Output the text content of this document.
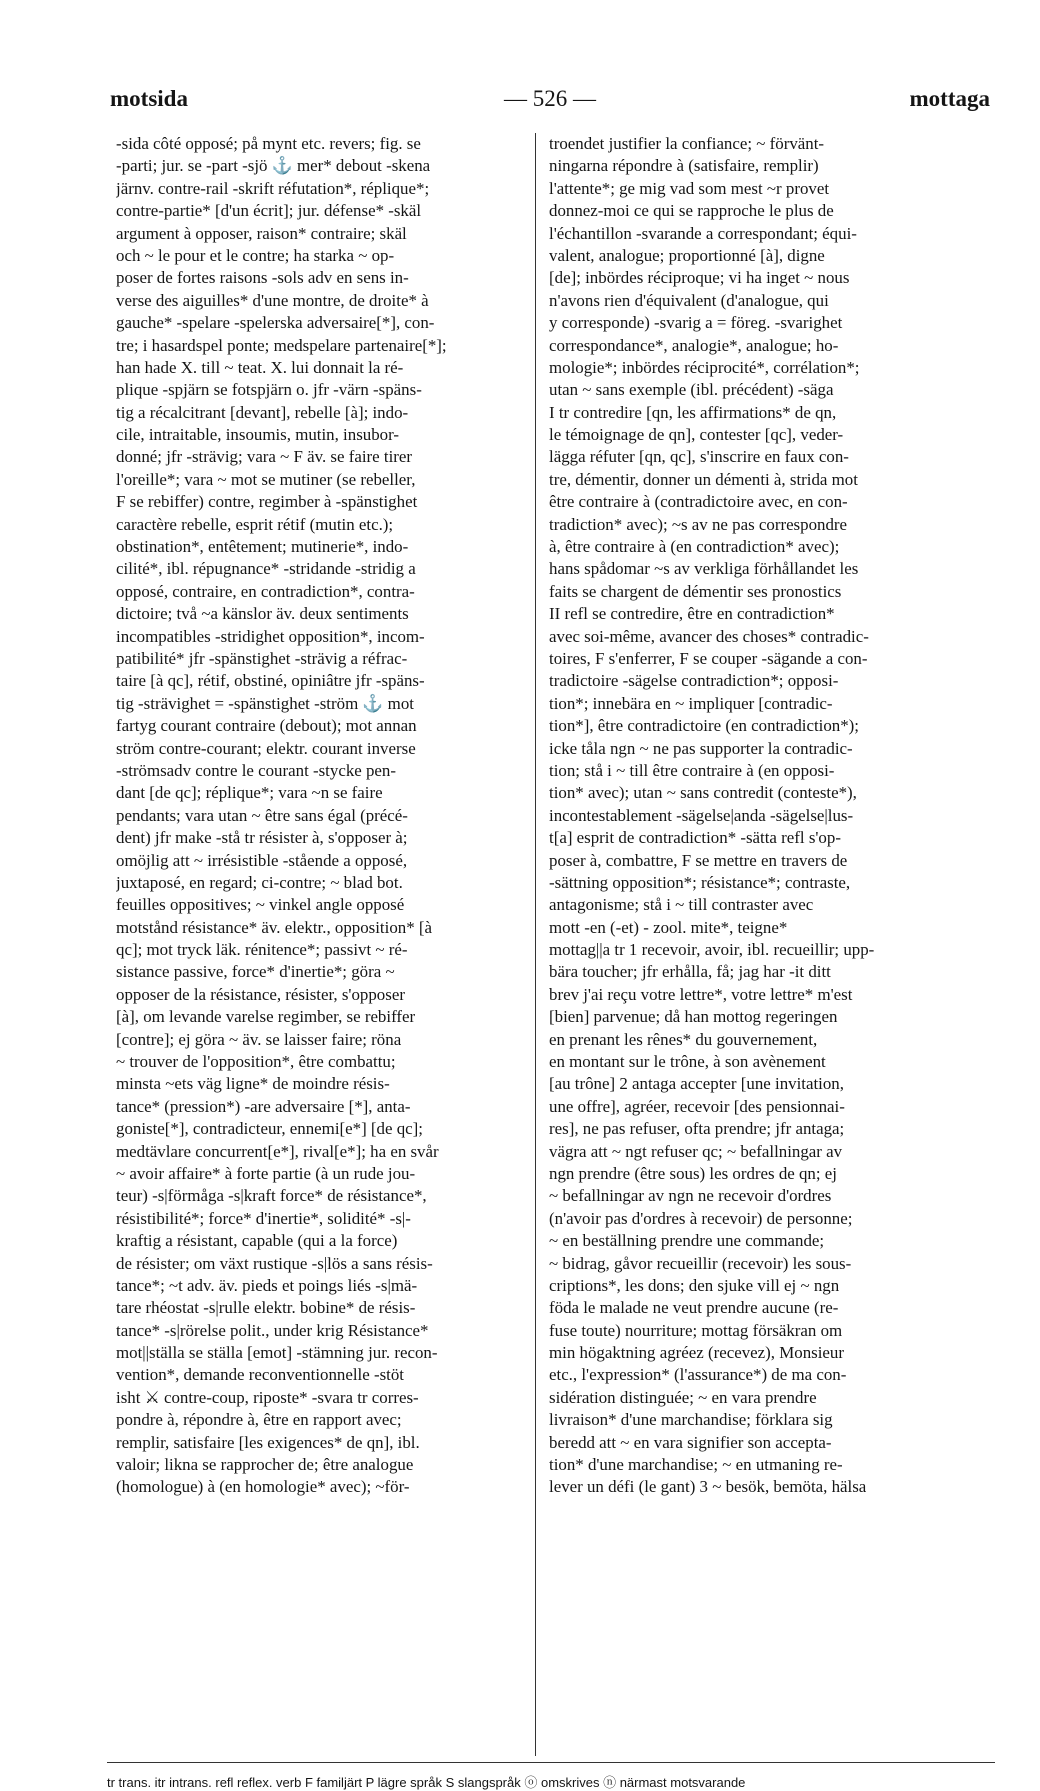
motsida	— 526 —	mottaga
-sida côté opposé; på mynt etc. revers; fig. se
-parti; jur. se -part -sjö ⚓ mer* debout -skena
järnv. contre-rail -skrift réfutation*, réplique*;
contre-partie* [d'un écrit]; jur. défense* -skäl
argument à opposer, raison* contraire; skäl
och ~ le pour et le contre; ha starka ~ op-
poser de fortes raisons -sols adv en sens in-
verse des aiguilles* d'une montre, de droite* à
gauche* -spelare -spelerska adversaire[*], con-
tre; i hasardspel ponte; medspelare partenaire[*];
han hade X. till ~ teat. X. lui donnait la ré-
plique -spjärn se fotspjärn o. jfr -värn -späns-
tig a récalcitrant [devant], rebelle [à]; indo-
cile, intraitable, insoumis, mutin, insubor-
donné; jfr -strävig; vara ~ F äv. se faire tirer
l'oreille*; vara ~ mot se mutiner (se rebeller,
F se rebiffer) contre, regimber à -spänstighet
caractère rebelle, esprit rétif (mutin etc.);
obstination*, entêtement; mutinerie*, indo-
cilité*, ibl. répugnance* -stridande -stridig a
opposé, contraire, en contradiction*, contra-
dictoire; två ~a känslor äv. deux sentiments
incompatibles -stridighet opposition*, incom-
patibilité* jfr -spänstighet -strävig a réfrac-
taire [à qc], rétif, obstiné, opiniâtre jfr -späns-
tig -strävighet = -spänstighet -ström ⚓ mot
fartyg courant contraire (debout); mot annan
ström contre-courant; elektr. courant inverse
-strömsadv contre le courant -stycke pen-
dant [de qc]; réplique*; vara ~n se faire
pendants; vara utan ~ être sans égal (précé-
dent) jfr make -stå tr résister à, s'opposer à;
omöjlig att ~ irrésistible -stående a opposé,
juxtaposé, en regard; ci-contre; ~ blad bot.
feuilles oppositives; ~ vinkel angle opposé
motstånd résistance* äv. elektr., opposition* [à
qc]; mot tryck läk. rénitence*; passivt ~ ré-
sistance passive, force* d'inertie*; göra ~
opposer de la résistance, résister, s'opposer
[à], om levande varelse regimber, se rebiffer
[contre]; ej göra ~ äv. se laisser faire; röna
~ trouver de l'opposition*, être combattu;
minsta ~ets väg ligne* de moindre résis-
tance* (pression*) -are adversaire [*], anta-
goniste[*], contradicteur, ennemi[e*] [de qc];
medtävlare concurrent[e*], rival[e*]; ha en svår
~ avoir affaire* à forte partie (à un rude jou-
teur) -s|förmåga -s|kraft force* de résistance*,
résistibilité*; force* d'inertie*, solidité* -s|-
kraftig a résistant, capable (qui a la force)
de résister; om växt rustique -s|lös a sans résis-
tance*; ~t adv. äv. pieds et poings liés -s|mä-
tare rhéostat -s|rulle elektr. bobine* de résis-
tance* -s|rörelse polit., under krig Résistance*
mot||ställa se ställa [emot] -stämning jur. recon-
vention*, demande reconventionnelle -stöt
isht ⚔ contre-coup, riposte* -svara tr corres-
pondre à, répondre à, être en rapport avec;
remplir, satisfaire [les exigences* de qn], ibl.
valoir; likna se rapprocher de; être analogue
(homologue) à (en homologie* avec); ~för-
troendet justifier la confiance; ~ förvänt-
ningarna répondre à (satisfaire, remplir)
l'attente*; ge mig vad som mest ~r provet
donnez-moi ce qui se rapproche le plus de
l'échantillon -svarande a correspondant; équi-
valent, analogue; proportionné [à], digne
[de]; inbördes réciproque; vi ha inget ~ nous
n'avons rien d'équivalent (d'analogue, qui
y corresponde) -svarig a = föreg. -svarighet
correspondance*, analogie*, analogue; ho-
mologie*; inbördes réciprocité*, corrélation*;
utan ~ sans exemple (ibl. précédent) -säga
I tr contredire [qn, les affirmations* de qn,
le témoignage de qn], contester [qc], veder-
lägga réfuter [qn, qc], s'inscrire en faux con-
tre, démentir, donner un démenti à, strida mot
être contraire à (contradictoire avec, en con-
tradiction* avec); ~s av ne pas correspondre
à, être contraire à (en contradiction* avec);
hans spådomar ~s av verkliga förhållandet les
faits se chargent de démentir ses pronostics
II refl se contredire, être en contradiction*
avec soi-même, avancer des choses* contradic-
toires, F s'enferrer, F se couper -sägande a con-
tradictoire -sägelse contradiction*; opposi-
tion*; innebära en ~ impliquer [contradic-
tion*], être contradictoire (en contradiction*);
icke tåla ngn ~ ne pas supporter la contradic-
tion; stå i ~ till être contraire à (en opposi-
tion* avec); utan ~ sans contredit (conteste*),
incontestablement -sägelse|anda -sägelse|lus-
t[a] esprit de contradiction* -sätta refl s'op-
poser à, combattre, F se mettre en travers de
-sättning opposition*; résistance*; contraste,
antagonisme; stå i ~ till contraster avec
mott -en (-et) - zool. mite*, teigne*
mottag||a tr 1 recevoir, avoir, ibl. recueillir; upp-
bära toucher; jfr erhålla, få; jag har -it ditt
brev j'ai reçu votre lettre*, votre lettre* m'est
[bien] parvenue; då han mottog regeringen
en prenant les rênes* du gouvernement,
en montant sur le trône, à son avènement
[au trône] 2 antaga accepter [une invitation,
une offre], agréer, recevoir [des pensionnai-
res], ne pas refuser, ofta prendre; jfr antaga;
vägra att ~ ngt refuser qc; ~ befallningar av
ngn prendre (être sous) les ordres de qn; ej
~ befallningar av ngn ne recevoir d'ordres
(n'avoir pas d'ordres à recevoir) de personne;
~ en beställning prendre une commande;
~ bidrag, gåvor recueillir (recevoir) les sous-
criptions*, les dons; den sjuke vill ej ~ ngn
föda le malade ne veut prendre aucune (re-
fuse toute) nourriture; mottag försäkran om
min högaktning agréez (recevez), Monsieur
etc., l'expression* (l'assurance*) de ma con-
sidération distinguée; ~ en vara prendre
livraison* d'une marchandise; förklara sig
beredd att ~ en vara signifier son accepta-
tion* d'une marchandise; ~ en utmaning re-
lever un défi (le gant) 3 ~ besök, bemöta, hälsa
tr trans. itr intrans. refl reflex. verb F familjärt P lägre språk S slangspråk ⓞ omskrives ⓝ närmast motsvarande
